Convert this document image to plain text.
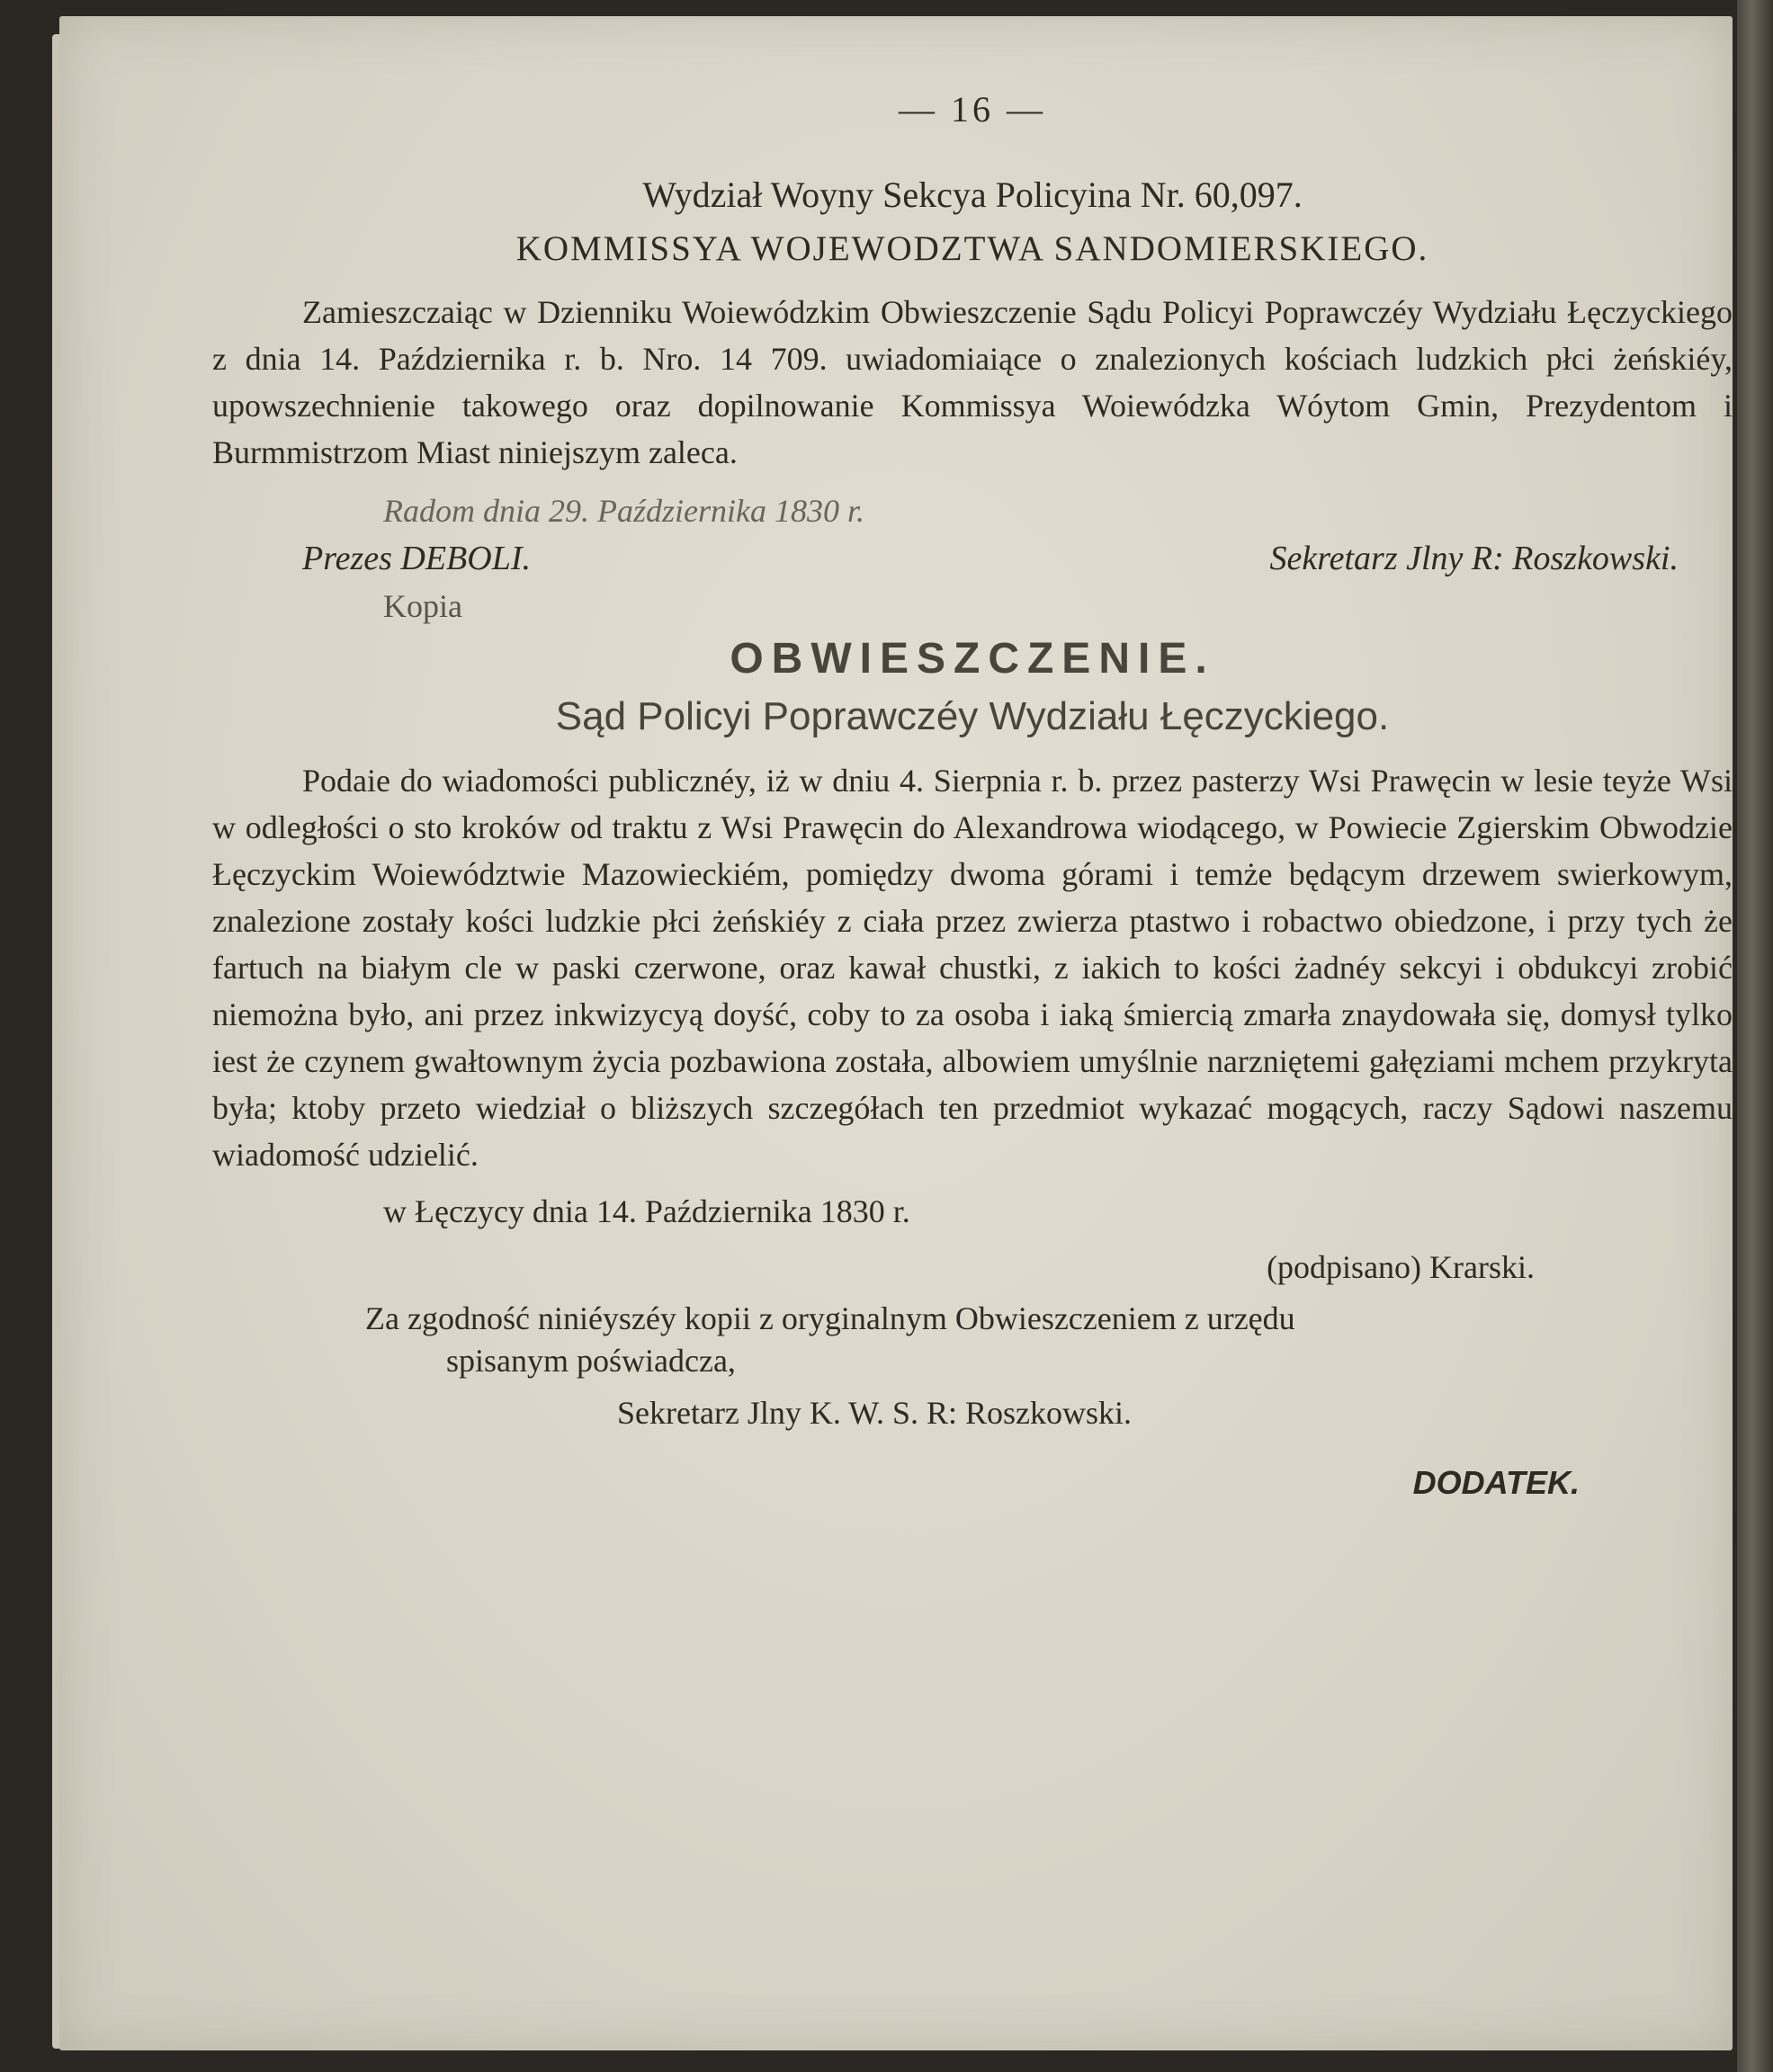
— 16 —
Wydział Woyny Sekcya Policyina Nr. 60,097.
KOMMISSYA WOJEWODZTWA SANDOMIERSKIEGO.

Zamieszczaiąc w Dzienniku Woiewódzkim Obwieszczenie Sądu Policyi Poprawczéy Wydziału Łęczyckiego z dnia 14. Października r. b. Nro. 14 709. uwiadomiaiące o znalezionych kościach ludzkich płci żeńskiéy, upowszechnienie takowego oraz dopilnowanie Kommissya Woiewódzka Wóytom Gmin, Prezydentom i Burmmistrzom Miast niniejszym zaleca.

Radom dnia 29. Października 1830 r.
Prezes DEBOLI.	Sekretarz Jlny R: Roszkowski.
Kopia
OBWIESZCZENIE.
Sąd Policyi Poprawczéy Wydziału Łęczyckiego.

Podaie do wiadomości publicznéy, iż w dniu 4. Sierpnia r. b. przez pasterzy Wsi Prawęcin w lesie teyże Wsi w odległości o sto kroków od traktu z Wsi Prawęcin do Alexandrowa wiodącego, w Powiecie Zgierskim Obwodzie Łęczyckim Woiewództwie Mazowieckiém, pomiędzy dwoma górami i temże będącym drzewem swierkowym, znalezione zostały kości ludzkie płci żeńskiéy z ciała przez zwierza ptastwo i robactwo obiedzone, i przy tych że fartuch na białym cle w paski czerwone, oraz kawał chustki, z iakich to kości żadnéy sekcyi i obdukcyi zrobić niemożna było, ani przez inkwizycyą doyść, coby to za osoba i iaką śmiercią zmarła znaydowała się, domysł tylko iest że czynem gwałtownym życia pozbawiona została, albowiem umyślnie narzniętemi gałęziami mchem przykryta była; ktoby przeto wiedział o bliższych szczegółach ten przedmiot wykazać mogących, raczy Sądowi naszemu wiadomość udzielić.

w Łęczycy dnia 14. Października 1830 r.
(podpisano) Krarski.
Za zgodność niniéyszéy kopii z oryginalnym Obwieszczeniem z urzędu
spisanym poświadcza,
Sekretarz Jlny K. W. S. R: Roszkowski.
DODATEK.
